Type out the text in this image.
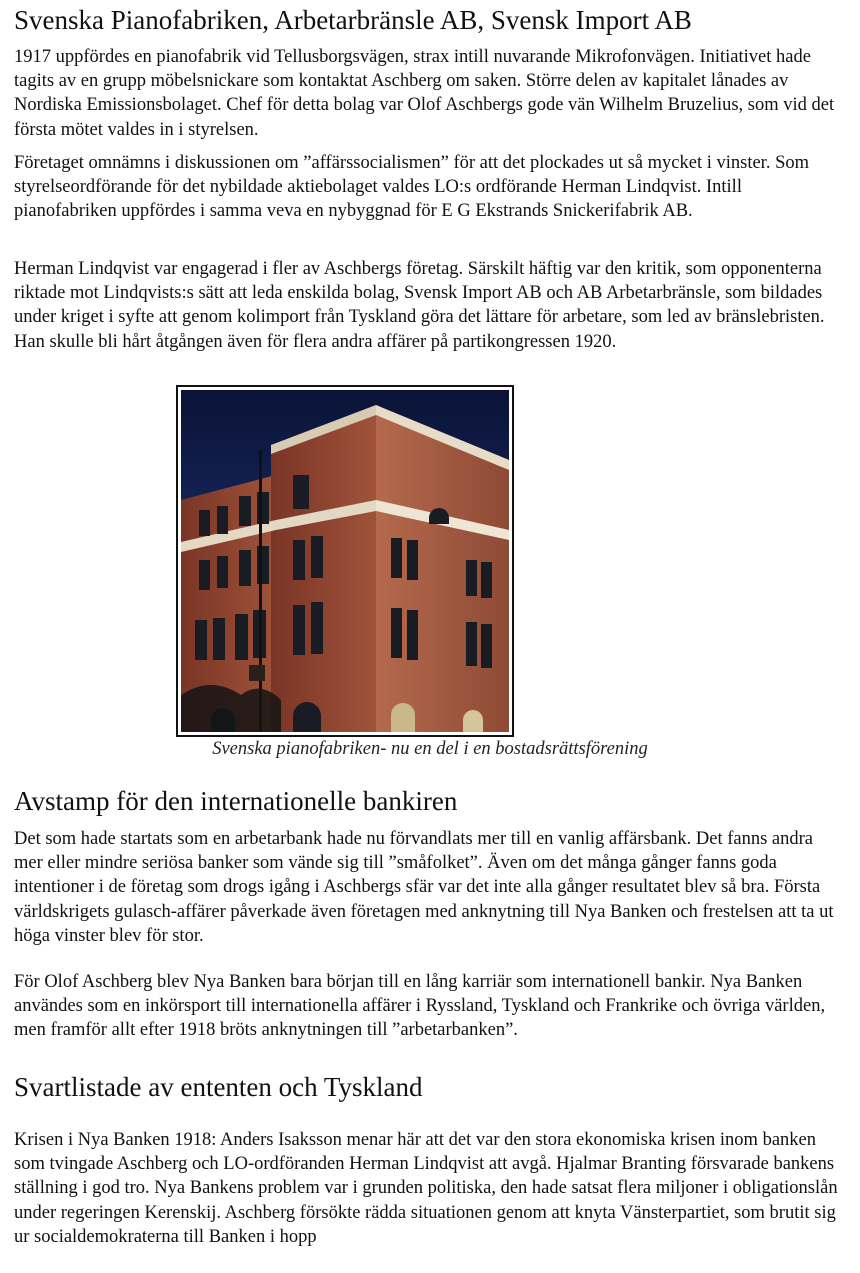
Svenska Pianofabriken, Arbetarbränsle AB, Svensk Import AB

1917 uppfördes en pianofabrik vid Tellusborgsvägen, strax intill nuvarande Mikrofonvägen. Initiativet hade tagits av en grupp möbelsnickare som kontaktat Aschberg om saken. Större delen av kapitalet lånades av Nordiska Emissionsbolaget. Chef för detta bolag var Olof Aschbergs gode vän Wilhelm Bruzelius, som vid det första mötet valdes in i styrelsen.

Företaget omnämns i diskussionen om ”affärssocialismen” för att det plockades ut så mycket i vinster. Som styrelseordförande för det nybildade aktiebolaget valdes LO:s ordförande Herman Lindqvist. Intill pianofabriken uppfördes i samma veva en nybyggnad för E G Ekstrands Snickerifabrik AB.

Herman Lindqvist var engagerad i fler av Aschbergs företag. Särskilt häftig var den kritik, som opponenterna riktade mot Lindqvists:s sätt att leda enskilda bolag, Svensk Import AB och AB Arbetarbränsle, som bildades under kriget i syfte att genom kolimport från Tyskland göra det lättare för arbetare, som led av bränslebristen. Han skulle bli hårt åtgången även för flera andra affärer på partikongressen 1920.

Svenska pianofabriken- nu en del i en bostadsrättsförening
Avstamp för den internationelle bankiren

Det som hade startats som en arbetarbank hade nu förvandlats mer till en vanlig affärsbank. Det fanns andra mer eller mindre seriösa banker som vände sig till ”småfolket”. Även om det många gånger fanns goda intentioner i de företag som drogs igång i Aschbergs sfär var det inte alla gånger resultatet blev så bra. Första världskrigets gulasch-affärer påverkade även företagen med anknytning till Nya Banken och frestelsen att ta ut höga vinster blev för stor.

För Olof Aschberg blev Nya Banken bara början till en lång karriär som internationell bankir. Nya Banken användes som en inkörsport till internationella affärer i Ryssland, Tyskland och Frankrike och övriga världen, men framför allt efter 1918 bröts anknytningen till ”arbetarbanken”.

Svartlistade av ententen och Tyskland

Krisen i Nya Banken 1918: Anders Isaksson menar här att det var den stora ekonomiska krisen inom banken som tvingade Aschberg och LO-ordföranden Herman Lindqvist att avgå. Hjalmar Branting försvarade bankens ställning i god tro. Nya Bankens problem var i grunden politiska, den hade satsat flera miljoner i obligationslån under regeringen Kerenskij. Aschberg försökte rädda situationen genom att knyta Vänsterpartiet, som brutit sig ur socialdemokraterna till Banken i hopp
